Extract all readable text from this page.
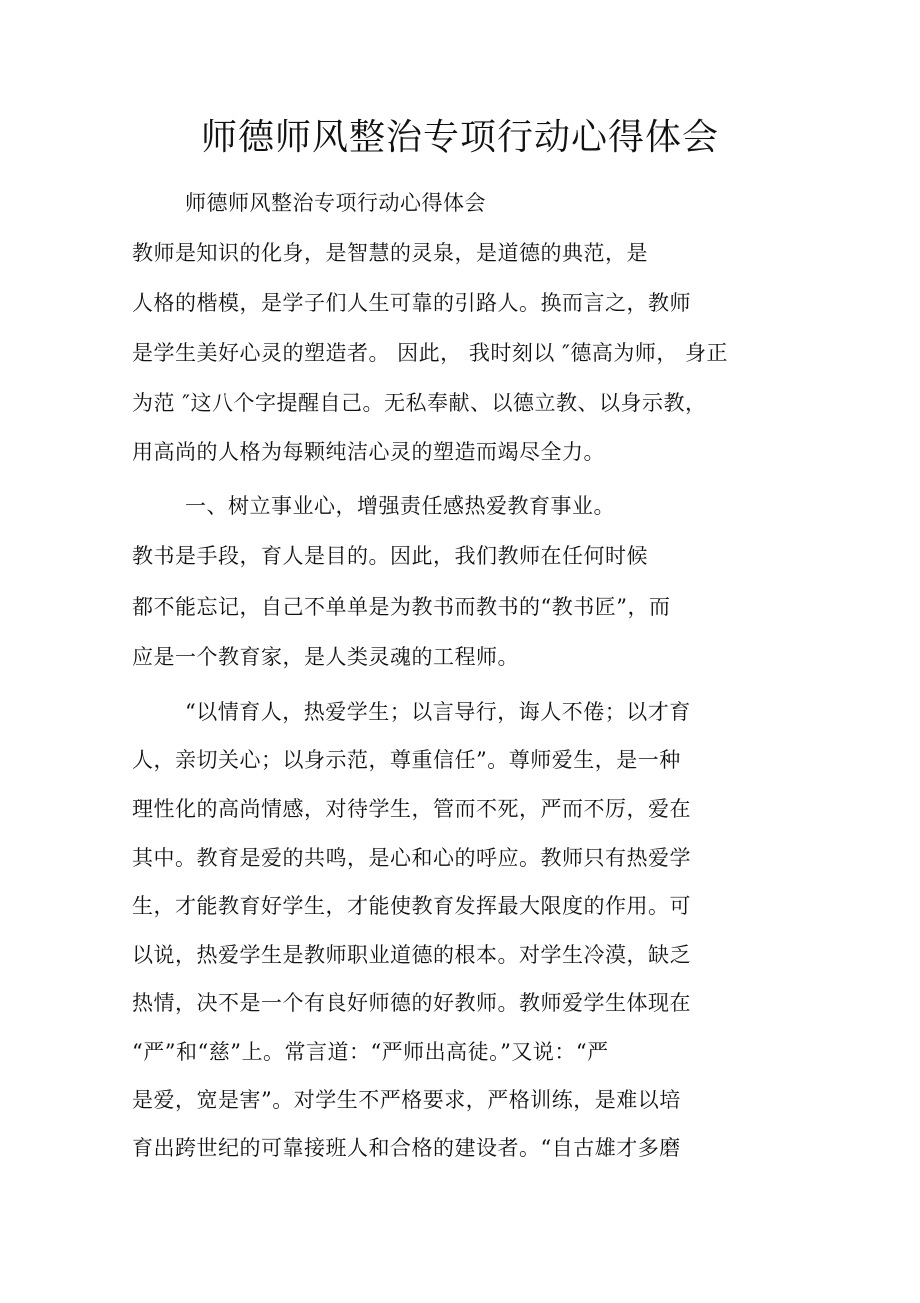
师德师风整治专项行动心得体会
师德师风整治专项行动心得体会
教师是知识的化身，是智慧的灵泉，是道德的典范，是
人格的楷模，是学子们人生可靠的引路人。换而言之，教师
是学生美好心灵的塑造者。 因此， 我时刻以 ″德高为师， 身正
为范 ″这八个字提醒自己。无私奉献、以德立教、以身示教，
用高尚的人格为每颗纯洁心灵的塑造而竭尽全力。
一、树立事业心，增强责任感热爱教育事业。
教书是手段，育人是目的。因此，我们教师在任何时候
都不能忘记，自己不单单是为教书而教书的“教书匠”，而
应是一个教育家，是人类灵魂的工程师。
“以情育人，热爱学生；以言导行，诲人不倦；以才育
人，亲切关心；以身示范，尊重信任”。尊师爱生，是一种
理性化的高尚情感，对待学生，管而不死，严而不厉，爱在
其中。教育是爱的共鸣，是心和心的呼应。教师只有热爱学
生，才能教育好学生，才能使教育发挥最大限度的作用。可
以说，热爱学生是教师职业道德的根本。对学生冷漠，缺乏
热情，决不是一个有良好师德的好教师。教师爱学生体现在
“严”和“慈”上。常言道：“严师出高徒。”又说：“严
是爱，宽是害”。对学生不严格要求，严格训练，是难以培
育出跨世纪的可靠接班人和合格的建设者。“自古雄才多磨
